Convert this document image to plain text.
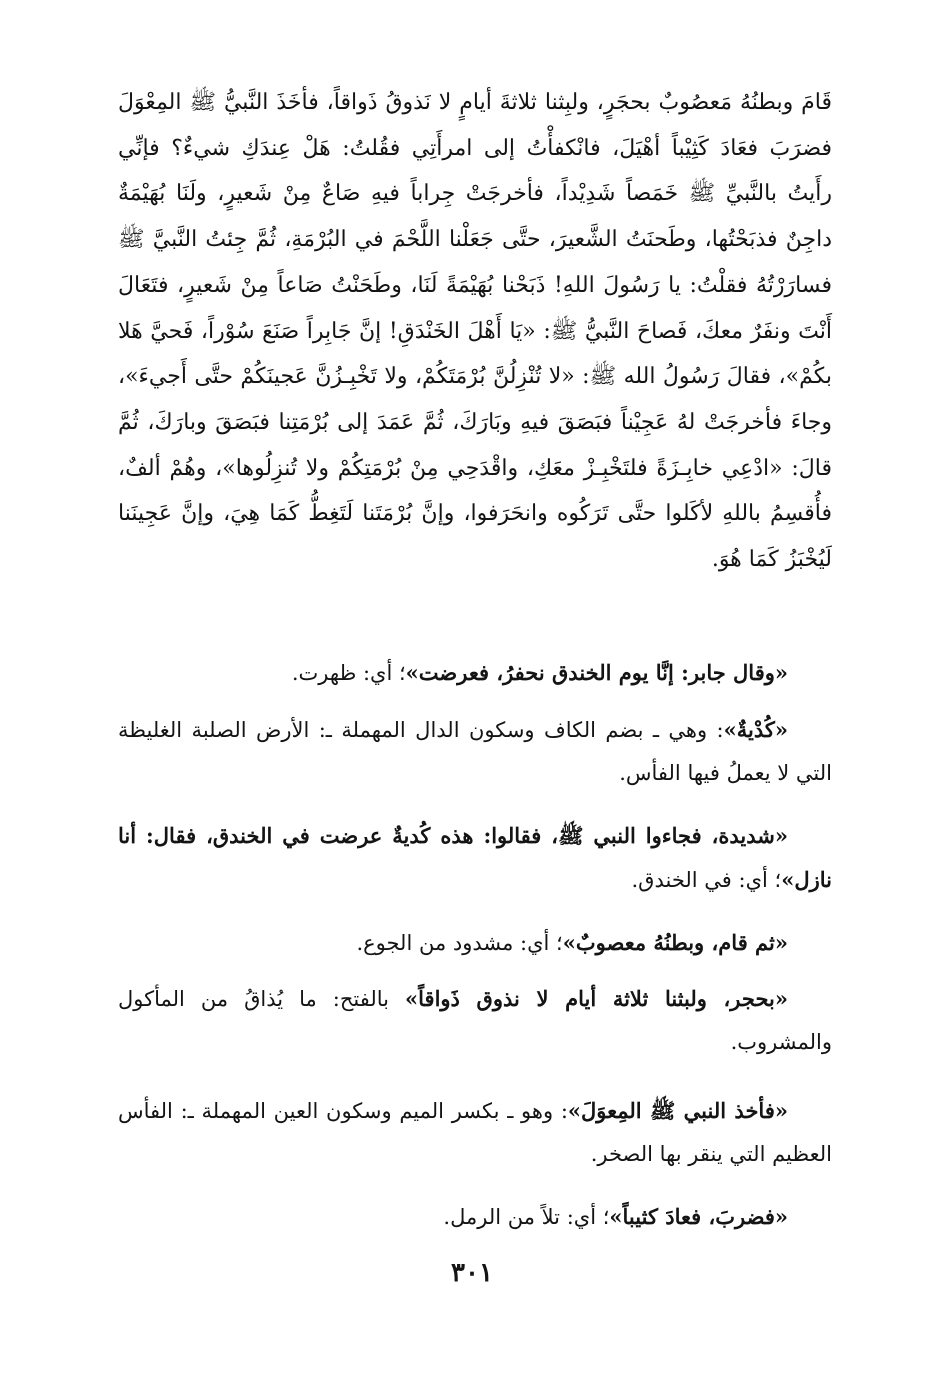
قَامَ وبطنُهُ مَعصُوبٌ بحجَرٍ، ولبِثنا ثلاثةَ أيامٍ لا نَذوقُ ذَواقاً، فأخَذَ النَّبيُّ ﷺ المِعْوَلَ فضرَبَ فعَادَ كَثِيْباً أهْيَلَ، فانْكفأْتُ إلى امرأَتِي فقُلتُ: هَلْ عِندَكِ شيءٌ؟ فإنِّي رأَيتُ بالنَّبيِّ ﷺ خَمَصاً شَدِيْداً، فأخرجَتْ جِراباً فيهِ صَاعٌ مِنْ شَعيرٍ، ولَنَا بُهَيْمَةٌ داجِنٌ فذبَحْتُها، وطَحنَتُ الشَّعيرَ، حتَّى جَعَلْنا اللَّحْمَ في البُرْمَةِ، ثُمَّ جِئتُ النَّبيَّ ﷺ فسارَرْتُهُ فقلْتُ: يا رَسُولَ اللهِ! ذَبَحْنا بُهَيْمَةً لَنَا، وطَحَنْتُ صَاعاً مِنْ شَعيرٍ، فتَعَالَ أَنْتَ ونفَرٌ معكَ، فَصاحَ النَّبيُّ ﷺ: «يَا أَهْلَ الخَنْدَقِ! إنَّ جَابِراً صَنَعَ سُوْراً، فَحيَّ هَلا بكُمْ»، فقالَ رَسُولُ الله ﷺ: «لا تُنْزِلُنَّ بُرْمَتَكُمْ، ولا تَخْبِـزُنَّ عَجينَكُمْ حتَّى أَجيءَ»، وجاءَ فأخرجَتْ لهُ عَجِيْناً فبَصَقَ فيهِ وبَارَكَ، ثُمَّ عَمَدَ إلى بُرْمَتِنا فبَصَقَ وبارَكَ، ثُمَّ قالَ: «ادْعِي خابِـزَةً فلتَخْبِـزْ معَكِ، واقْدَحِي مِنْ بُرْمَتِكُمْ ولا تُنزِلُوها»، وهُمْ ألفٌ، فأُقسِمُ باللهِ لأكَلوا حتَّى تَرَكُوه وانحَرَفوا، وإنَّ بُرْمَتَنا لَتَغِطُّ كَمَا هِيَ، وإنَّ عَجِينَنا لَيُخْبَزُ كَمَا هُوَ.

«وقال جابر: إنَّا يوم الخندق نحفرُ، فعرضت»؛ أي: ظهرت.

«كُدْيةٌ»: وهي ـ بضم الكاف وسكون الدال المهملة ـ: الأرض الصلبة الغليظة التي لا يعملُ فيها الفأس.

«شديدة، فجاءوا النبي ﷺ، فقالوا: هذه كُديةٌ عرضت في الخندق، فقال: أنا نازل»؛ أي: في الخندق.

«ثم قام، وبطنُهُ معصوبٌ»؛ أي: مشدود من الجوع.

«بحجر، ولبثنا ثلاثة أيام لا نذوق ذَواقاً» بالفتح: ما يُذاقُ من المأكول والمشروب.

«فأخذ النبي ﷺ المِعوَلَ»: وهو ـ بكسر الميم وسكون العين المهملة ـ: الفأس العظيم التي ينقر بها الصخر.

«فضربَ، فعادَ كثيباً»؛ أي: تلاً من الرمل.

٣٠١
